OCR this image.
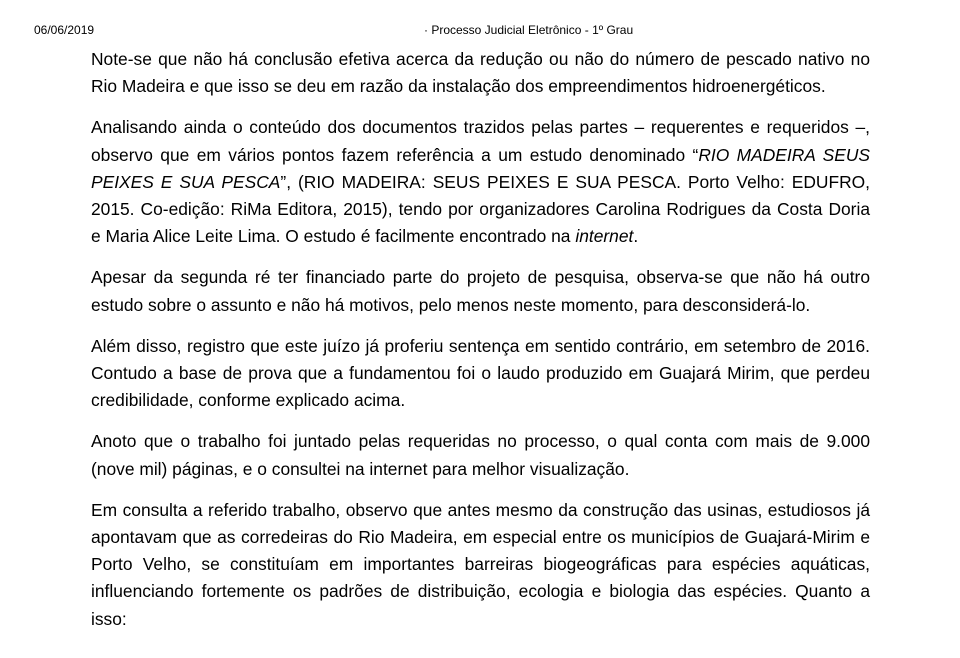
06/06/2019	· Processo Judicial Eletrônico - 1º Grau

Note-se que não há conclusão efetiva acerca da redução ou não do número de pescado nativo no Rio Madeira e que isso se deu em razão da instalação dos empreendimentos hidroenergéticos.

Analisando ainda o conteúdo dos documentos trazidos pelas partes – requerentes e requeridos –, observo que em vários pontos fazem referência a um estudo denominado “RIO MADEIRA SEUS PEIXES E SUA PESCA”, (RIO MADEIRA: SEUS PEIXES E SUA PESCA. Porto Velho: EDUFRO, 2015. Co-edição: RiMa Editora, 2015), tendo por organizadores Carolina Rodrigues da Costa Doria e Maria Alice Leite Lima. O estudo é facilmente encontrado na internet.

Apesar da segunda ré ter financiado parte do projeto de pesquisa, observa-se que não há outro estudo sobre o assunto e não há motivos, pelo menos neste momento, para desconsiderá-lo.

Além disso, registro que este juízo já proferiu sentença em sentido contrário, em setembro de 2016. Contudo a base de prova que a fundamentou foi o laudo produzido em Guajará Mirim, que perdeu credibilidade, conforme explicado acima.

Anoto que o trabalho foi juntado pelas requeridas no processo, o qual conta com mais de 9.000 (nove mil) páginas, e o consultei na internet para melhor visualização.

Em consulta a referido trabalho, observo que antes mesmo da construção das usinas, estudiosos já apontavam que as corredeiras do Rio Madeira, em especial entre os municípios de Guajará-Mirim e Porto Velho, se constituíam em importantes barreiras biogeográficas para espécies aquáticas, influenciando fortemente os padrões de distribuição, ecologia e biologia das espécies. Quanto a isso:
